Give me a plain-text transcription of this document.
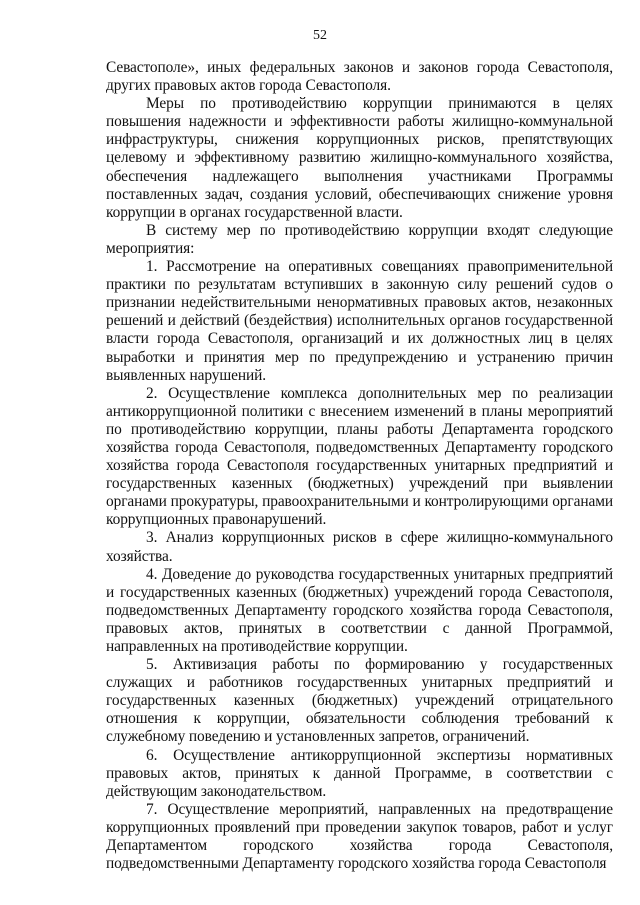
52

Севастополе», иных федеральных законов и законов города Севастополя, других правовых актов города Севастополя.

Меры по противодействию коррупции принимаются в целях повышения надежности и эффективности работы жилищно-коммунальной инфраструктуры, снижения коррупционных рисков, препятствующих целевому и эффективному развитию жилищно-коммунального хозяйства, обеспечения надлежащего выполнения участниками Программы поставленных задач, создания условий, обеспечивающих снижение уровня коррупции в органах государственной власти.

В систему мер по противодействию коррупции входят следующие мероприятия:

1. Рассмотрение на оперативных совещаниях правоприменительной практики по результатам вступивших в законную силу решений судов о признании недействительными ненормативных правовых актов, незаконных решений и действий (бездействия) исполнительных органов государственной власти города Севастополя, организаций и их должностных лиц в целях выработки и принятия мер по предупреждению и устранению причин выявленных нарушений.

2. Осуществление комплекса дополнительных мер по реализации антикоррупционной политики с внесением изменений в планы мероприятий по противодействию коррупции, планы работы Департамента городского хозяйства города Севастополя, подведомственных Департаменту городского хозяйства города Севастополя государственных унитарных предприятий и государственных казенных (бюджетных) учреждений при выявлении органами прокуратуры, правоохранительными и контролирующими органами коррупционных правонарушений.

3. Анализ коррупционных рисков в сфере жилищно-коммунального хозяйства.

4. Доведение до руководства государственных унитарных предприятий и государственных казенных (бюджетных) учреждений города Севастополя, подведомственных Департаменту городского хозяйства города Севастополя, правовых актов, принятых в соответствии с данной Программой, направленных на противодействие коррупции.

5. Активизация работы по формированию у государственных служащих и работников государственных унитарных предприятий и государственных казенных (бюджетных) учреждений отрицательного отношения к коррупции, обязательности соблюдения требований к служебному поведению и установленных запретов, ограничений.

6. Осуществление антикоррупционной экспертизы нормативных правовых актов, принятых к данной Программе, в соответствии с действующим законодательством.

7. Осуществление мероприятий, направленных на предотвращение коррупционных проявлений при проведении закупок товаров, работ и услуг Департаментом городского хозяйства города Севастополя, подведомственными Департаменту городского хозяйства города Севастополя
